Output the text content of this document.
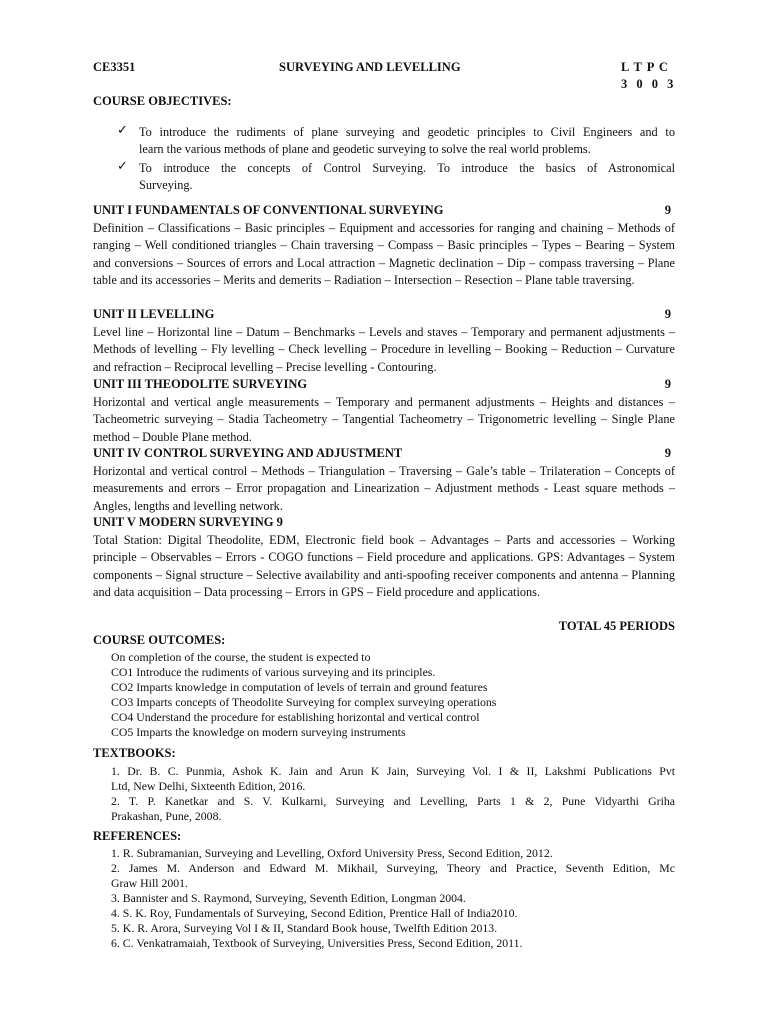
CE3351	SURVEYING AND LEVELLING	L T P C
3 0 0 3
COURSE OBJECTIVES:
✓ To introduce the rudiments of plane surveying and geodetic principles to Civil Engineers and to
learn the various methods of plane and geodetic surveying to solve the real world problems.
✓ To introduce the concepts of Control Surveying. To introduce the basics of Astronomical
Surveying.
UNIT I FUNDAMENTALS OF CONVENTIONAL SURVEYING	9
Definition – Classifications – Basic principles – Equipment and accessories for ranging and chaining – Methods of ranging – Well conditioned triangles – Chain traversing – Compass – Basic principles – Types – Bearing – System and conversions – Sources of errors and Local attraction – Magnetic declination – Dip – compass traversing – Plane table and its accessories – Merits and demerits – Radiation – Intersection – Resection – Plane table traversing.
UNIT II LEVELLING	9
Level line – Horizontal line – Datum – Benchmarks – Levels and staves – Temporary and permanent adjustments – Methods of levelling – Fly levelling – Check levelling – Procedure in levelling – Booking – Reduction – Curvature and refraction – Reciprocal levelling – Precise levelling - Contouring.
UNIT III THEODOLITE SURVEYING	9
Horizontal and vertical angle measurements – Temporary and permanent adjustments – Heights and distances – Tacheometric surveying – Stadia Tacheometry – Tangential Tacheometry – Trigonometric levelling – Single Plane method – Double Plane method.
UNIT IV CONTROL SURVEYING AND ADJUSTMENT	9
Horizontal and vertical control – Methods – Triangulation – Traversing – Gale’s table – Trilateration – Concepts of measurements and errors – Error propagation and Linearization – Adjustment methods - Least square methods – Angles, lengths and levelling network.
UNIT V MODERN SURVEYING 9
Total Station: Digital Theodolite, EDM, Electronic field book – Advantages – Parts and accessories – Working principle – Observables – Errors - COGO functions – Field procedure and applications. GPS: Advantages – System components – Signal structure – Selective availability and anti-spoofing receiver components and antenna – Planning and data acquisition – Data processing – Errors in GPS – Field procedure and applications.
TOTAL 45 PERIODS
COURSE OUTCOMES:
On completion of the course, the student is expected to
CO1 Introduce the rudiments of various surveying and its principles.
CO2 Imparts knowledge in computation of levels of terrain and ground features
CO3 Imparts concepts of Theodolite Surveying for complex surveying operations
CO4 Understand the procedure for establishing horizontal and vertical control
CO5 Imparts the knowledge on modern surveying instruments
TEXTBOOKS:
1. Dr. B. C. Punmia, Ashok K. Jain and Arun K Jain, Surveying Vol. I & II, Lakshmi Publications Pvt
Ltd, New Delhi, Sixteenth Edition, 2016.
2. T. P. Kanetkar and S. V. Kulkarni, Surveying and Levelling, Parts 1 & 2, Pune Vidyarthi Griha
Prakashan, Pune, 2008.
REFERENCES:
1. R. Subramanian, Surveying and Levelling, Oxford University Press, Second Edition, 2012.
2. James M. Anderson and Edward M. Mikhail, Surveying, Theory and Practice, Seventh Edition, Mc
Graw Hill 2001.
3. Bannister and S. Raymond, Surveying, Seventh Edition, Longman 2004.
4. S. K. Roy, Fundamentals of Surveying, Second Edition, Prentice Hall of India2010.
5. K. R. Arora, Surveying Vol I & II, Standard Book house, Twelfth Edition 2013.
6. C. Venkatramaiah, Textbook of Surveying, Universities Press, Second Edition, 2011.
